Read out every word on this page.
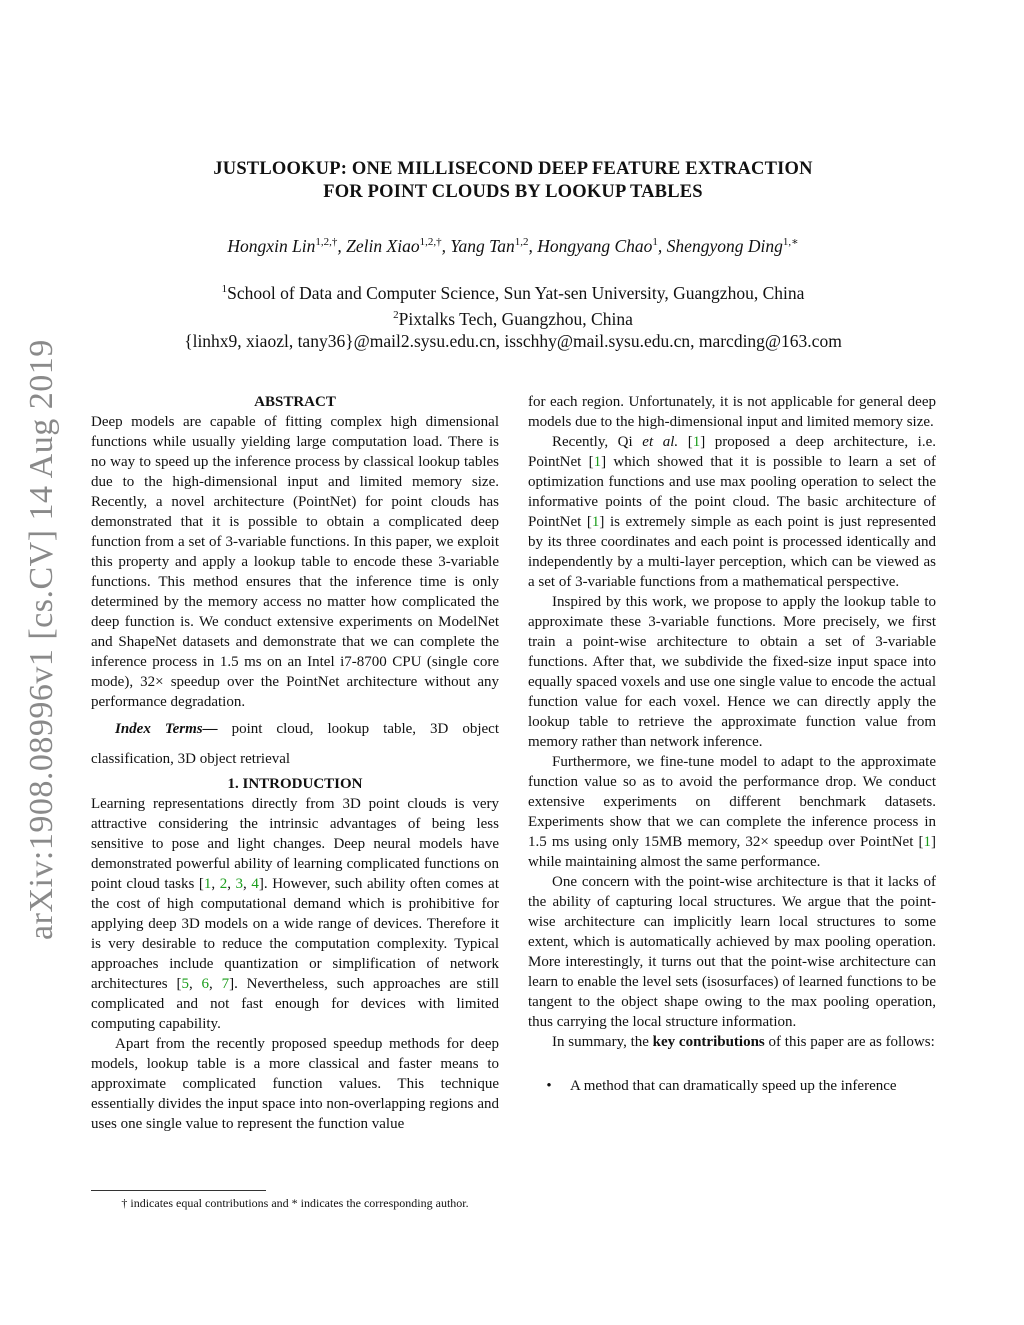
arXiv:1908.08996v1 [cs.CV] 14 Aug 2019
JUSTLOOKUP: ONE MILLISECOND DEEP FEATURE EXTRACTION
FOR POINT CLOUDS BY LOOKUP TABLES
Hongxin Lin$^{1,2,\dagger}$, Zelin Xiao$^{1,2,\dagger}$, Yang Tan$^{1,2}$, Hongyang Chao$^1$, Shengyong Ding$^{1,∗}$
$^1$School of Data and Computer Science, Sun Yat-sen University, Guangzhou, China
$^2$Pixtalks Tech, Guangzhou, China
{linhx9, xiaozl, tany36}@mail2.sysu.edu.cn, isschhy@mail.sysu.edu.cn, marcding@163.com

ABSTRACT

Deep models are capable of fitting complex high dimensional functions while usually yielding large computation load. There is no way to speed up the inference process by classical lookup tables due to the high-dimensional input and limited memory size. Recently, a novel architecture (PointNet) for point clouds has demonstrated that it is possible to obtain a complicated deep function from a set of 3-variable functions. In this paper, we exploit this property and apply a lookup table to encode these 3-variable functions. This method ensures that the inference time is only determined by the memory access no matter how complicated the deep function is. We conduct extensive experiments on ModelNet and ShapeNet datasets and demonstrate that we can complete the inference process in 1.5 ms on an Intel i7-8700 CPU (single core mode), 32× speedup over the PointNet architecture without any performance degradation.

Index Terms— point cloud, lookup table, 3D object classification, 3D object retrieval

1. INTRODUCTION

Learning representations directly from 3D point clouds is very attractive considering the intrinsic advantages of being less sensitive to pose and light changes. Deep neural models have demonstrated powerful ability of learning complicated functions on point cloud tasks [1, 2, 3, 4]. However, such ability often comes at the cost of high computational demand which is prohibitive for applying deep 3D models on a wide range of devices. Therefore it is very desirable to reduce the computation complexity. Typical approaches include quantization or simplification of network architectures [5, 6, 7]. Nevertheless, such approaches are still complicated and not fast enough for devices with limited computing capability.

Apart from the recently proposed speedup methods for deep models, lookup table is a more classical and faster means to approximate complicated function values. This technique essentially divides the input space into non-overlapping regions and uses one single value to represent the function value

† indicates equal contributions and * indicates the corresponding author.

for each region. Unfortunately, it is not applicable for general deep models due to the high-dimensional input and limited memory size.

Recently, Qi et al. [1] proposed a deep architecture, i.e. PointNet [1] which showed that it is possible to learn a set of optimization functions and use max pooling operation to select the informative points of the point cloud. The basic architecture of PointNet [1] is extremely simple as each point is just represented by its three coordinates and each point is processed identically and independently by a multi-layer perception, which can be viewed as a set of 3-variable functions from a mathematical perspective.

Inspired by this work, we propose to apply the lookup table to approximate these 3-variable functions. More precisely, we first train a point-wise architecture to obtain a set of 3-variable functions. After that, we subdivide the fixed-size input space into equally spaced voxels and use one single value to encode the actual function value for each voxel. Hence we can directly apply the lookup table to retrieve the approximate function value from memory rather than network inference.

Furthermore, we fine-tune model to adapt to the approximate function value so as to avoid the performance drop. We conduct extensive experiments on different benchmark datasets. Experiments show that we can complete the inference process in 1.5 ms using only 15MB memory, 32× speedup over PointNet [1] while maintaining almost the same performance.

One concern with the point-wise architecture is that it lacks of the ability of capturing local structures. We argue that the point-wise architecture can implicitly learn local structures to some extent, which is automatically achieved by max pooling operation. More interestingly, it turns out that the point-wise architecture can learn to enable the level sets (isosurfaces) of learned functions to be tangent to the object shape owing to the max pooling operation, thus carrying the local structure information.

In summary, the key contributions of this paper are as follows:

•	A method that can dramatically speed up the inference
